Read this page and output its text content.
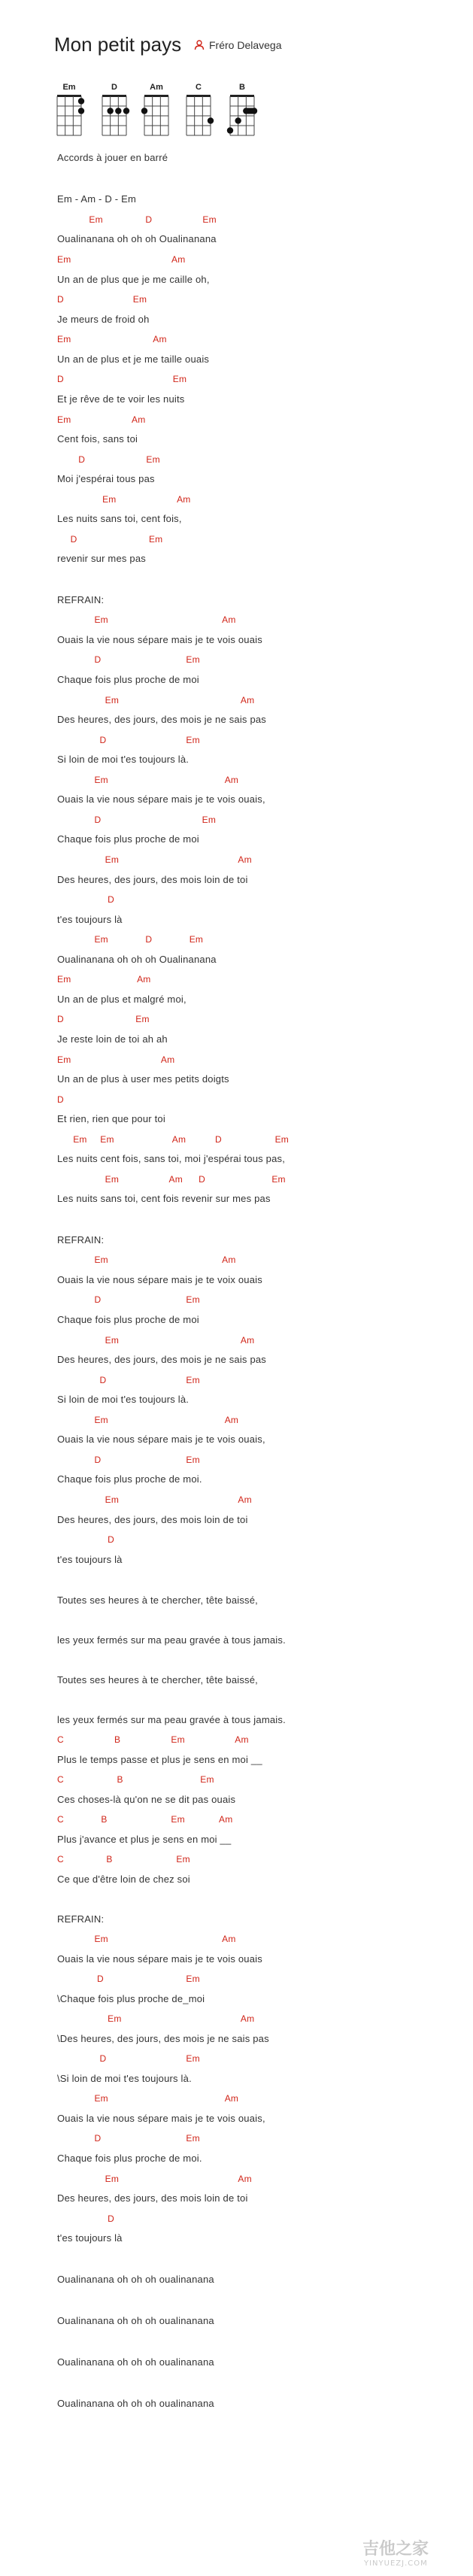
Mon petit pays	Fréro Delavega
Em	D	Am	C	B
Accords à jouer en barré
Em - Am - D - Em
Em                D                   Em
Oualinanana oh oh oh Oualinanana
Em                                      Am
Un an de plus que je me caille oh,
D                          Em
Je meurs de froid oh
Em                               Am
Un an de plus et je me taille ouais
D                                         Em
Et je rêve de te voir les nuits
Em                       Am
Cent fois, sans toi
D                       Em
Moi j'espérai tous pas
Em                       Am
Les nuits sans toi, cent fois,
D                           Em
revenir sur mes pas
REFRAIN:
Em                                           Am
Ouais la vie nous sépare mais je te vois ouais
D                                Em
Chaque fois plus proche de moi
Em                                              Am
Des heures, des jours, des mois je ne sais pas
D                              Em
Si loin de moi t'es toujours là.
Em                                            Am
Ouais la vie nous sépare mais je te vois ouais,
D                                      Em
Chaque fois plus proche de moi
Em                                             Am
Des heures, des jours, des mois loin de toi
D
t'es toujours là
Em              D              Em
Oualinanana oh oh oh Oualinanana
Em                         Am
Un an de plus et malgré moi,
D                           Em
Je reste loin de toi ah ah
Em                                  Am
Un an de plus à user mes petits doigts
D
Et rien, rien que pour toi
Em     Em                      Am           D                    Em
Les nuits cent fois, sans toi, moi j'espérai tous pas,
Em                   Am      D                         Em
Les nuits sans toi, cent fois revenir sur mes pas
REFRAIN:
Em                                           Am
Ouais la vie nous sépare mais je te voix ouais
D                                Em
Chaque fois plus proche de moi
Em                                              Am
Des heures, des jours, des mois je ne sais pas
D                              Em
Si loin de moi t'es toujours là.
Em                                            Am
Ouais la vie nous sépare mais je te vois ouais,
D                                Em
Chaque fois plus proche de moi.
Em                                             Am
Des heures, des jours, des mois loin de toi
D
t'es toujours là
Toutes ses heures à te chercher, tête baissé,
les yeux fermés sur ma peau gravée à tous jamais.
Toutes ses heures à te chercher, tête baissé,
les yeux fermés sur ma peau gravée à tous jamais.
C                   B                   Em                   Am
Plus le temps passe et plus je sens en moi __
C                    B                             Em
Ces choses-là qu'on ne se dit pas ouais
C              B                        Em             Am
Plus j'avance et plus je sens en moi __
C                B                        Em
Ce que d'être loin de chez soi
REFRAIN:
Em                                           Am
Ouais la vie nous sépare mais je te vois ouais
D                               Em
\Chaque fois plus proche de_moi
Em                                             Am
\Des heures, des jours, des mois je ne sais pas
D                              Em
\Si loin de moi t'es toujours là.
Em                                            Am
Ouais la vie nous sépare mais je te vois ouais,
D                                Em
Chaque fois plus proche de moi.
Em                                             Am
Des heures, des jours, des mois loin de toi
D
t'es toujours là
Oualinanana oh oh oh oualinanana
Oualinanana oh oh oh oualinanana
Oualinanana oh oh oh oualinanana
Oualinanana oh oh oh oualinanana
吉他之家
YINYUEZJ.COM
